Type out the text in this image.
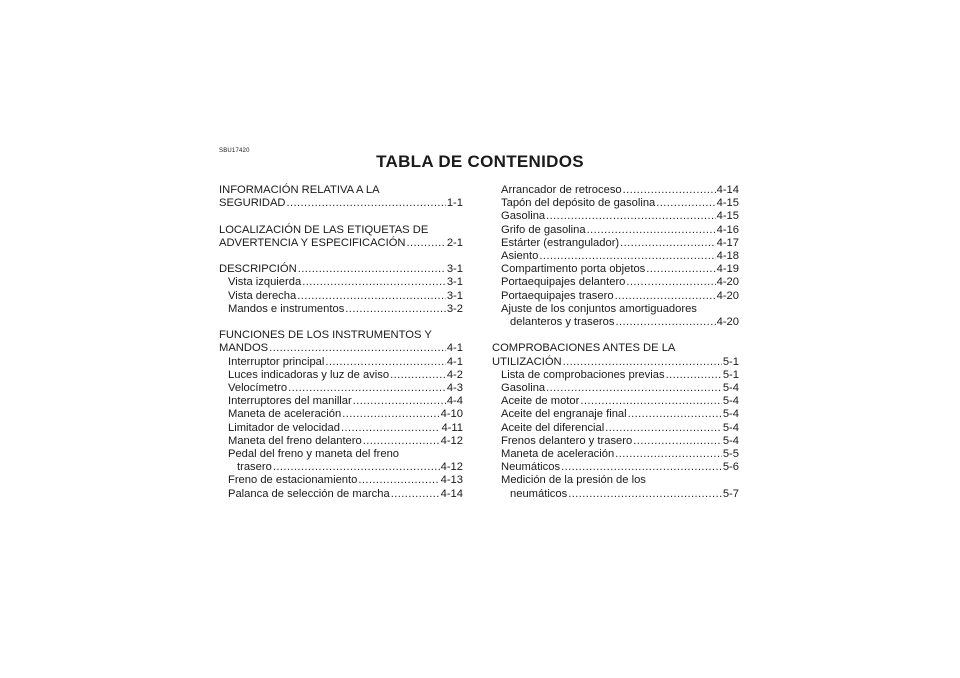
SBU17420
TABLA DE CONTENIDOS
INFORMACIÓN RELATIVA A LA
SEGURIDAD .....	1-1
LOCALIZACIÓN DE LAS ETIQUETAS DE
ADVERTENCIA Y ESPECIFICACIÓN .....	2-1
DESCRIPCIÓN .....	3-1
Vista izquierda .....	3-1
Vista derecha .....	3-1
Mandos e instrumentos .....	3-2
FUNCIONES DE LOS INSTRUMENTOS Y
MANDOS .....	4-1
Interruptor principal .....	4-1
Luces indicadoras y luz de aviso .....	4-2
Velocímetro .....	4-3
Interruptores del manillar .....	4-4
Maneta de aceleración .....	4-10
Limitador de velocidad .....	4-11
Maneta del freno delantero .....	4-12
Pedal del freno y maneta del freno
trasero .....	4-12
Freno de estacionamiento .....	4-13
Palanca de selección de marcha .....	4-14
Arrancador de retroceso .....	4-14
Tapón del depósito de gasolina .....	4-15
Gasolina .....	4-15
Grifo de gasolina .....	4-16
Estárter (estrangulador) .....	4-17
Asiento .....	4-18
Compartimento porta objetos .....	4-19
Portaequipajes delantero .....	4-20
Portaequipajes trasero .....	4-20
Ajuste de los conjuntos amortiguadores
delanteros y traseros .....	4-20
COMPROBACIONES ANTES DE LA
UTILIZACIÓN .....	5-1
Lista de comprobaciones previas .....	5-1
Gasolina .....	5-4
Aceite de motor .....	5-4
Aceite del engranaje final .....	5-4
Aceite del diferencial .....	5-4
Frenos delantero y trasero .....	5-4
Maneta de aceleración .....	5-5
Neumáticos .....	5-6
Medición de la presión de los
neumáticos .....	5-7
